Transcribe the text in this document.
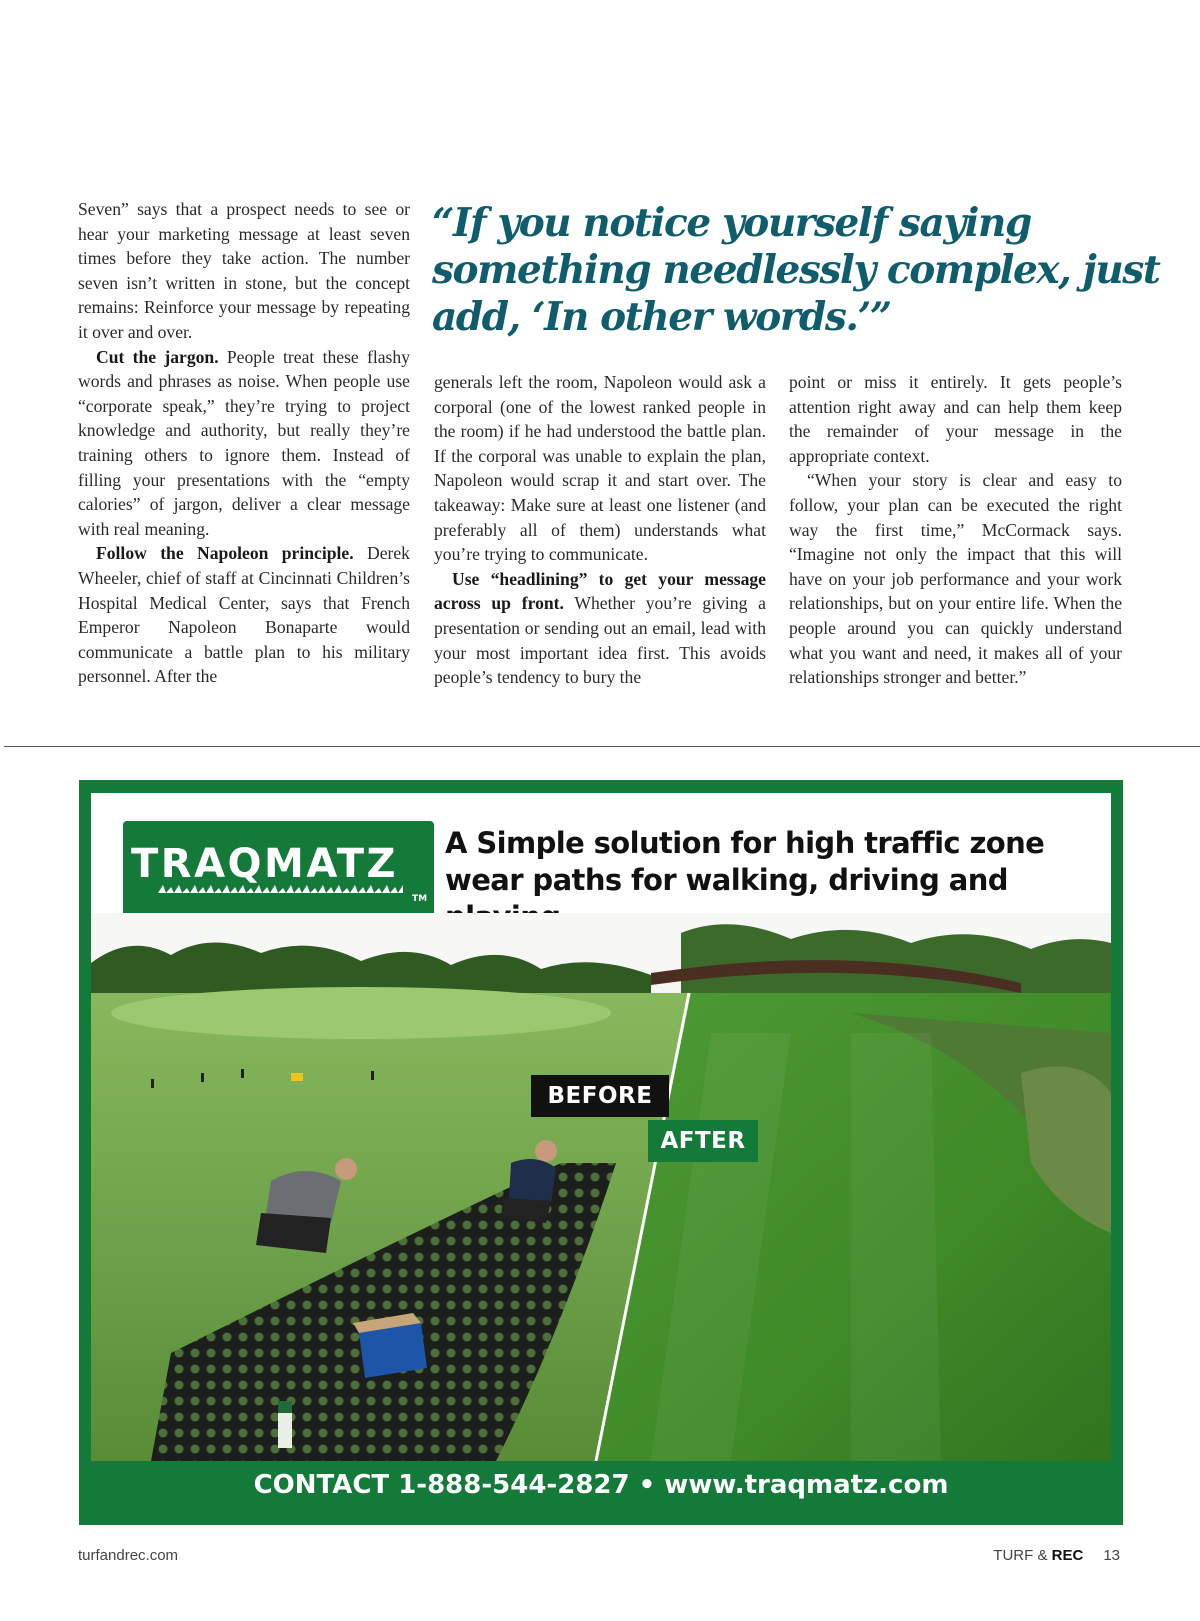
Seven” says that a prospect needs to see or hear your marketing message at least seven times before they take action. The number seven isn’t written in stone, but the concept remains: Reinforce your message by repeating it over and over.

Cut the jargon. People treat these flashy words and phrases as noise. When people use “corporate speak,” they’re trying to project knowledge and authority, but really they’re training others to ignore them. Instead of filling your presentations with the “empty calories” of jargon, deliver a clear message with real meaning.

Follow the Napoleon principle. Derek Wheeler, chief of staff at Cincinnati Children’s Hospital Medical Center, says that French Emperor Napoleon Bonaparte would communicate a battle plan to his military personnel. After the

“If you notice yourself saying something needlessly complex, just add, ‘In other words.’”

generals left the room, Napoleon would ask a corporal (one of the lowest ranked people in the room) if he had understood the battle plan. If the corporal was unable to explain the plan, Napoleon would scrap it and start over. The takeaway: Make sure at least one listener (and preferably all of them) understands what you’re trying to communicate.

Use “headlining” to get your message across up front. Whether you’re giving a presentation or sending out an email, lead with your most important idea first. This avoids people’s tendency to bury the

point or miss it entirely. It gets people’s attention right away and can help them keep the remainder of your message in the appropriate context.

“When your story is clear and easy to follow, your plan can be executed the right way the first time,” McCormack says. “Imagine not only the impact that this will have on your job performance and your work relationships, but on your entire life. When the people around you can quickly understand what you want and need, it makes all of your relationships stronger and better.”

TRAQMATZ
TM
A Simple solution for high traffic zone wear paths for walking, driving and
BEFORE
AFTER
CONTACT 1-888-544-2827 • www.traqmatz.com
turfandrec.com	TURF & REC 13
